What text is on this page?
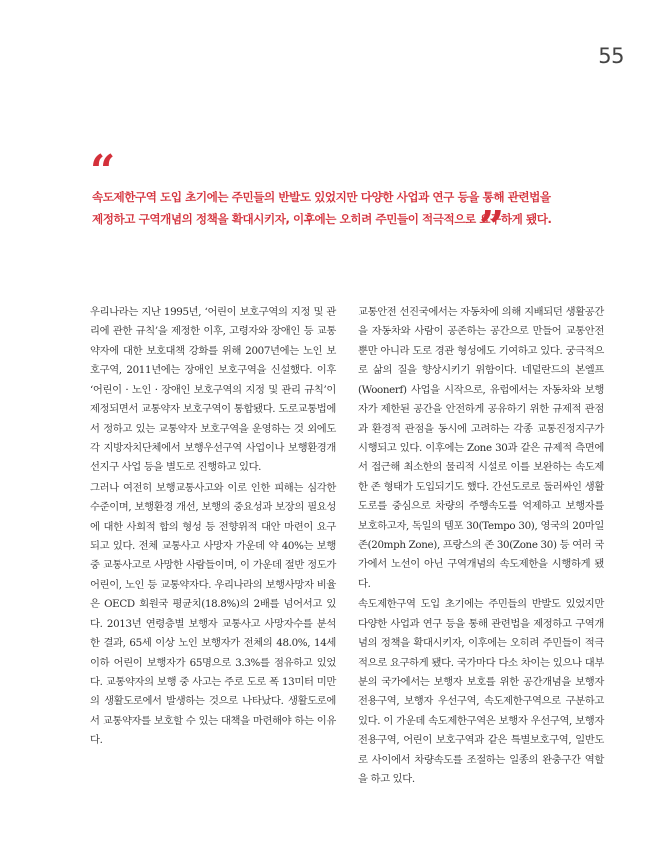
55
“
속도제한구역 도입 초기에는 주민들의 반발도 있었지만 다양한 사업과 연구 등을 통해 관련법을 제정하고 구역개념의 정책을 확대시키자, 이후에는 오히려 주민들이 적극적으로 요구하게 됐다.
”

우리나라는 지난 1995년, ‘어린이 보호구역의 지정 및 관리에 관한 규칙’을 제정한 이후, 고령자와 장애인 등 교통약자에 대한 보호대책 강화를 위해 2007년에는 노인 보호구역, 2011년에는 장애인 보호구역을 신설했다. 이후 ‘어린이 · 노인 · 장애인 보호구역의 지정 및 관리 규칙’이 제정되면서 교통약자 보호구역이 통합됐다. 도로교통법에서 정하고 있는 교통약자 보호구역을 운영하는 것 외에도 각 지방자치단체에서 보행우선구역 사업이나 보행환경개선지구 사업 등을 별도로 진행하고 있다.

그러나 여전히 보행교통사고와 이로 인한 피해는 심각한 수준이며, 보행환경 개선, 보행의 중요성과 보장의 필요성에 대한 사회적 합의 형성 등 전향위적 대안 마련이 요구되고 있다. 전체 교통사고 사망자 가운데 약 40%는 보행 중 교통사고로 사망한 사람들이며, 이 가운데 절반 정도가 어린이, 노인 등 교통약자다. 우리나라의 보행사망자 비율은 OECD 회원국 평균치(18.8%)의 2배를 넘어서고 있다. 2013년 연령층별 보행자 교통사고 사망자수를 분석한 결과, 65세 이상 노인 보행자가 전체의 48.0%, 14세 이하 어린이 보행자가 65명으로 3.3%를 점유하고 있었다. 교통약자의 보행 중 사고는 주로 도로 폭 13미터 미만의 생활도로에서 발생하는 것으로 나타났다. 생활도로에서 교통약자를 보호할 수 있는 대책을 마련해야 하는 이유다.

교통안전 선진국에서는 자동차에 의해 지배되던 생활공간을 자동차와 사람이 공존하는 공간으로 만들어 교통안전뿐만 아니라 도로 경관 형성에도 기여하고 있다. 궁극적으로 삶의 질을 향상시키기 위함이다. 네덜란드의 본엘프(Woonerf) 사업을 시작으로, 유럽에서는 자동차와 보행자가 제한된 공간을 안전하게 공유하기 위한 규제적 관점과 환경적 관점을 동시에 고려하는 각종 교통진정지구가 시행되고 있다. 이후에는 Zone 30과 같은 규제적 측면에서 접근해 최소한의 물리적 시설로 이를 보완하는 속도제한 존 형태가 도입되기도 했다. 간선도로로 둘러싸인 생활도로를 중심으로 차량의 주행속도를 억제하고 보행자를 보호하고자, 독일의 템포 30(Tempo 30), 영국의 20마일 존(20mph Zone), 프랑스의 존 30(Zone 30) 등 여러 국가에서 노선이 아닌 구역개념의 속도제한을 시행하게 됐다.

속도제한구역 도입 초기에는 주민들의 반발도 있었지만 다양한 사업과 연구 등을 통해 관련법을 제정하고 구역개념의 정책을 확대시키자, 이후에는 오히려 주민들이 적극적으로 요구하게 됐다. 국가마다 다소 차이는 있으나 대부분의 국가에서는 보행자 보호를 위한 공간개념을 보행자 전용구역, 보행자 우선구역, 속도제한구역으로 구분하고 있다. 이 가운데 속도제한구역은 보행자 우선구역, 보행자 전용구역, 어린이 보호구역과 같은 특별보호구역, 일반도로 사이에서 차량속도를 조절하는 일종의 완충구간 역할을 하고 있다.
